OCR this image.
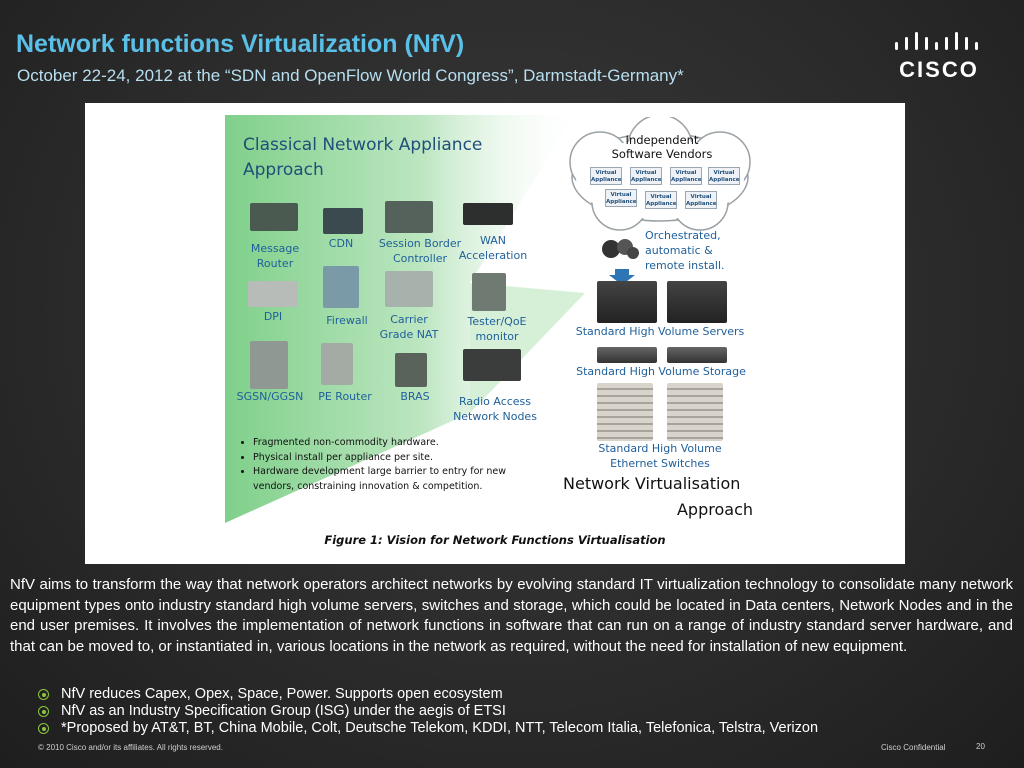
Network functions Virtualization (NfV)
October 22-24, 2012 at the “SDN and OpenFlow World Congress”, Darmstadt-Germany*	CISCO
Classical Network Appliance
Approach
Message Router
CDN	Session Border Controller
WAN Acceleration
DPI	Firewall	Carrier Grade NAT
Tester/QoE monitor
SGSN/GGSN	PE Router	BRAS	Radio Access Network Nodes
• Fragmented non-commodity hardware.
• Physical install per appliance per site.
• Hardware development large barrier to entry for new vendors, constraining innovation & competition.
Independent
Software Vendors
Virtual
Appliance
Virtual
Appliance
Virtual
Appliance
Virtual
Appliance
Virtual
Appliance
Virtual
Appliance
Virtual
Appliance
Orchestrated,
automatic &
remote install.
Standard High Volume Servers
Standard High Volume Storage
Standard High Volume
Ethernet Switches
Network Virtualisation
Approach
Figure 1: Vision for Network Functions Virtualisation
NfV aims to transform the way that network operators architect networks by evolving standard IT virtualization technology to consolidate many network equipment types onto industry standard high volume servers, switches and storage, which could be located in Data centers, Network Nodes and in the end user premises. It involves the implementation of network functions in software that can run on a range of industry standard server hardware, and that can be moved to, or instantiated in, various locations in the network as required, without the need for installation of new equipment.
NfV reduces Capex, Opex, Space, Power. Supports open ecosystem
NfV as an Industry Specification Group (ISG) under the aegis of ETSI
*Proposed by AT&T, BT, China Mobile, Colt, Deutsche Telekom, KDDI, NTT, Telecom Italia, Telefonica, Telstra, Verizon
© 2010 Cisco and/or its affiliates. All rights reserved.	Cisco Confidential	20
